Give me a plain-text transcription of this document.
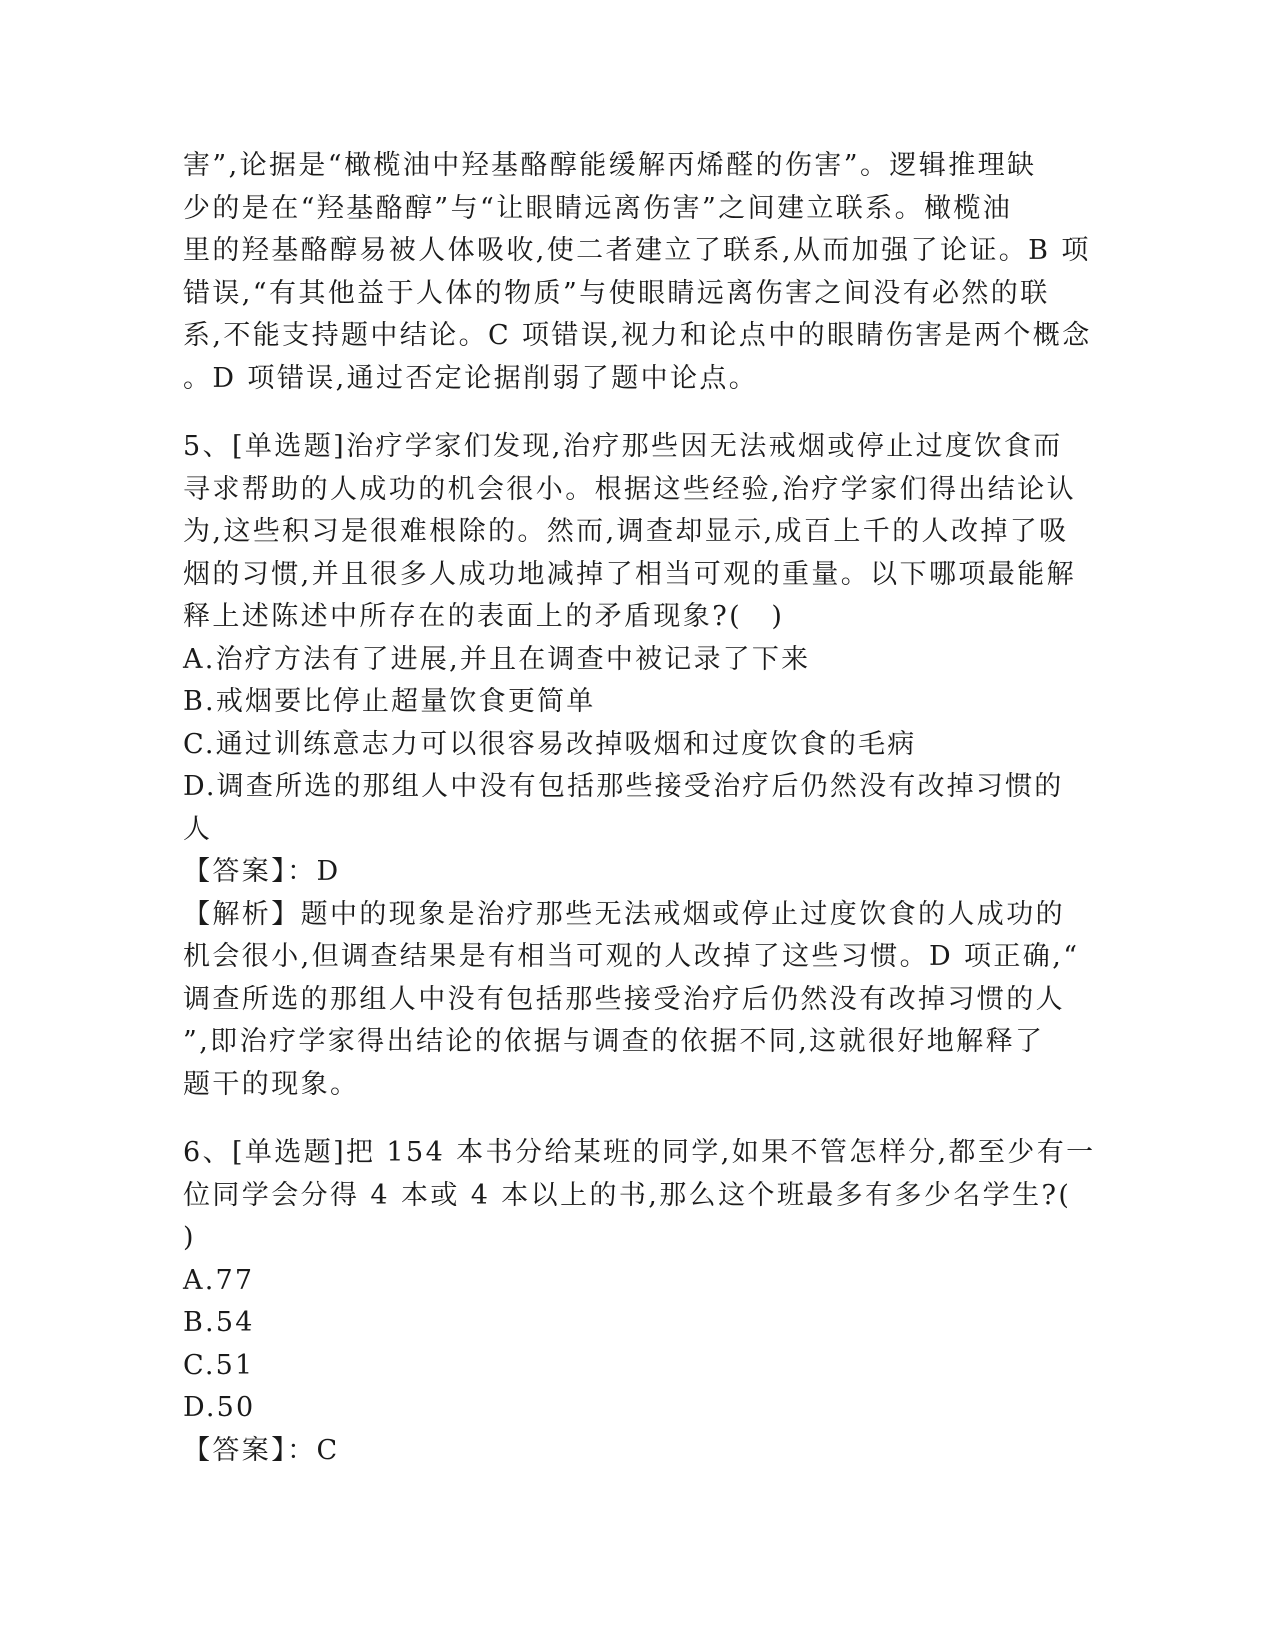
害”,论据是“橄榄油中羟基酪醇能缓解丙烯醛的伤害”。逻辑推理缺
少的是在“羟基酪醇”与“让眼睛远离伤害”之间建立联系。橄榄油
里的羟基酪醇易被人体吸收,使二者建立了联系,从而加强了论证。B 项
错误,“有其他益于人体的物质”与使眼睛远离伤害之间没有必然的联
系,不能支持题中结论。C 项错误,视力和论点中的眼睛伤害是两个概念
。D 项错误,通过否定论据削弱了题中论点。
5、[单选题]治疗学家们发现,治疗那些因无法戒烟或停止过度饮食而
寻求帮助的人成功的机会很小。根据这些经验,治疗学家们得出结论认
为,这些积习是很难根除的。然而,调查却显示,成百上千的人改掉了吸
烟的习惯,并且很多人成功地减掉了相当可观的重量。以下哪项最能解
释上述陈述中所存在的表面上的矛盾现象?(　)
A.治疗方法有了进展,并且在调查中被记录了下来
B.戒烟要比停止超量饮食更简单
C.通过训练意志力可以很容易改掉吸烟和过度饮食的毛病
D.调查所选的那组人中没有包括那些接受治疗后仍然没有改掉习惯的
人
【答案】：D
【解析】题中的现象是治疗那些无法戒烟或停止过度饮食的人成功的
机会很小,但调查结果是有相当可观的人改掉了这些习惯。D 项正确,“
调查所选的那组人中没有包括那些接受治疗后仍然没有改掉习惯的人
”,即治疗学家得出结论的依据与调查的依据不同,这就很好地解释了
题干的现象。
6、[单选题]把 154 本书分给某班的同学,如果不管怎样分,都至少有一
位同学会分得 4 本或 4 本以上的书,那么这个班最多有多少名学生?(
)
A.77
B.54
C.51
D.50
【答案】：C
